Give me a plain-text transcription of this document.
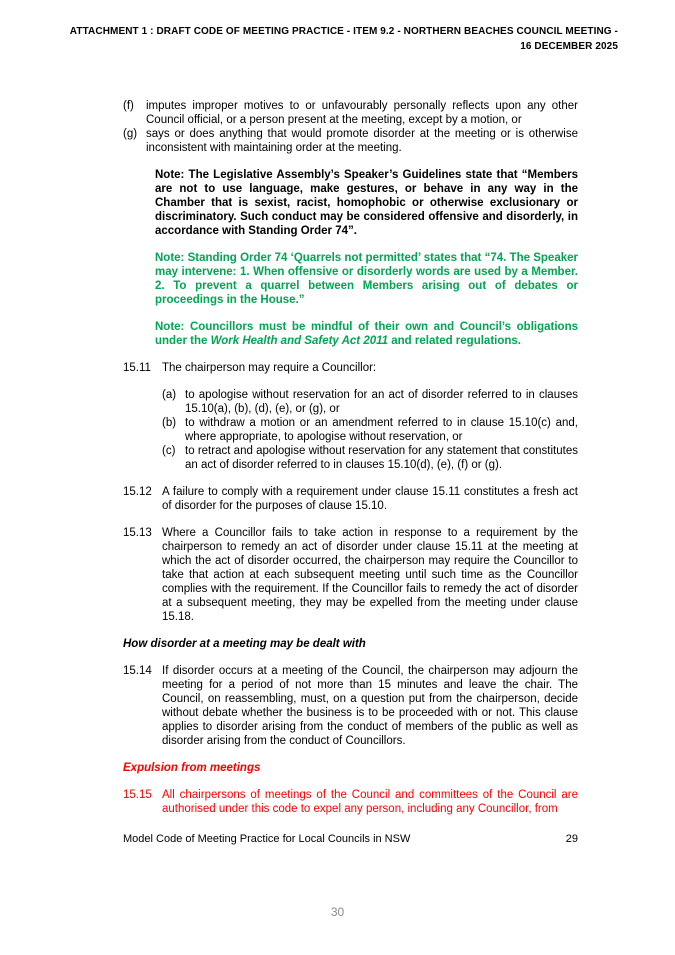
ATTACHMENT 1 : DRAFT CODE OF MEETING PRACTICE - ITEM 9.2 - NORTHERN BEACHES COUNCIL MEETING -
16 DECEMBER 2025
(f)	imputes improper motives to or unfavourably personally reflects upon any other Council official, or a person present at the meeting, except by a motion, or
(g) says or does anything that would promote disorder at the meeting or is otherwise inconsistent with maintaining order at the meeting.
Note: The Legislative Assembly’s Speaker’s Guidelines state that “Members are not to use language, make gestures, or behave in any way in the Chamber that is sexist, racist, homophobic or otherwise exclusionary or discriminatory. Such conduct may be considered offensive and disorderly, in accordance with Standing Order 74”.
Note: Standing Order 74 ‘Quarrels not permitted’ states that “74. The Speaker may intervene: 1. When offensive or disorderly words are used by a Member. 2. To prevent a quarrel between Members arising out of debates or proceedings in the House.”
Note: Councillors must be mindful of their own and Council’s obligations under the Work Health and Safety Act 2011 and related regulations.
15.11 The chairperson may require a Councillor:
(a) to apologise without reservation for an act of disorder referred to in clauses 15.10(a), (b), (d), (e), or (g), or
(b) to withdraw a motion or an amendment referred to in clause 15.10(c) and, where appropriate, to apologise without reservation, or
(c) to retract and apologise without reservation for any statement that constitutes an act of disorder referred to in clauses 15.10(d), (e), (f) or (g).
15.12 A failure to comply with a requirement under clause 15.11 constitutes a fresh act of disorder for the purposes of clause 15.10.
15.13 Where a Councillor fails to take action in response to a requirement by the chairperson to remedy an act of disorder under clause 15.11 at the meeting at which the act of disorder occurred, the chairperson may require the Councillor to take that action at each subsequent meeting until such time as the Councillor complies with the requirement. If the Councillor fails to remedy the act of disorder at a subsequent meeting, they may be expelled from the meeting under clause 15.18.
How disorder at a meeting may be dealt with
15.14 If disorder occurs at a meeting of the Council, the chairperson may adjourn the meeting for a period of not more than 15 minutes and leave the chair. The Council, on reassembling, must, on a question put from the chairperson, decide without debate whether the business is to be proceeded with or not. This clause applies to disorder arising from the conduct of members of the public as well as disorder arising from the conduct of Councillors.
Expulsion from meetings
15.15 All chairpersons of meetings of the Council and committees of the Council are authorised under this code to expel any person, including any Councillor, from
Model Code of Meeting Practice for Local Councils in NSW	29
30
